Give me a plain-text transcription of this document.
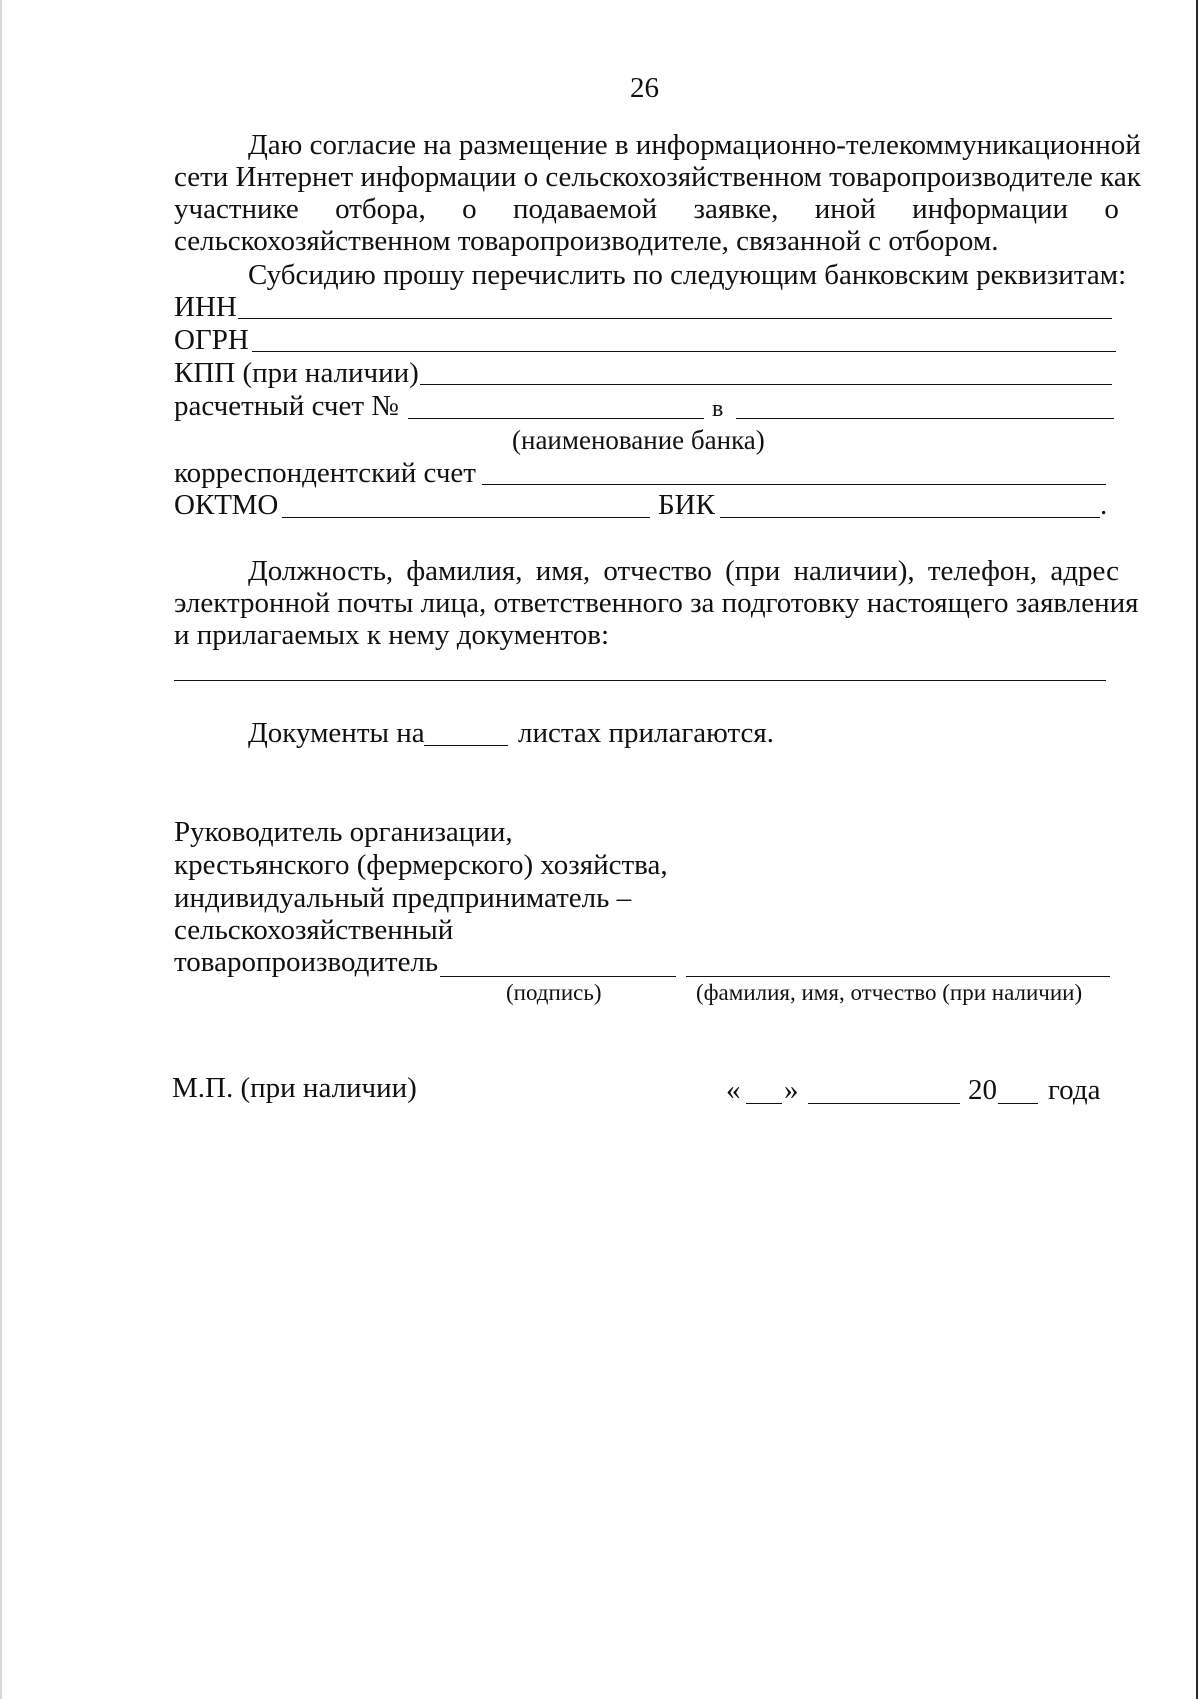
26
Даю согласие на размещение в информационно-телекоммуникационной
сети Интернет информации о сельскохозяйственном товаропроизводителе как
участнике отбора, о подаваемой заявке, иной информации о
сельскохозяйственном товаропроизводителе, связанной с отбором.
Субсидию прошу перечислить по следующим банковским реквизитам:
ИНН
ОГРН
КПП (при наличии)
расчетный счет №	в
(наименование банка)
корреспондентский счет
ОКТМО	БИК	.
Должность, фамилия, имя, отчество (при наличии), телефон, адрес
электронной почты лица, ответственного за подготовку настоящего заявления
и прилагаемых к нему документов:
Документы на	листах прилагаются.
Руководитель организации,
крестьянского (фермерского) хозяйства,
индивидуальный предприниматель –
сельскохозяйственный
товаропроизводитель
(подпись)	(фамилия, имя, отчество (при наличии)
М.П. (при наличии)	« »	20 года
